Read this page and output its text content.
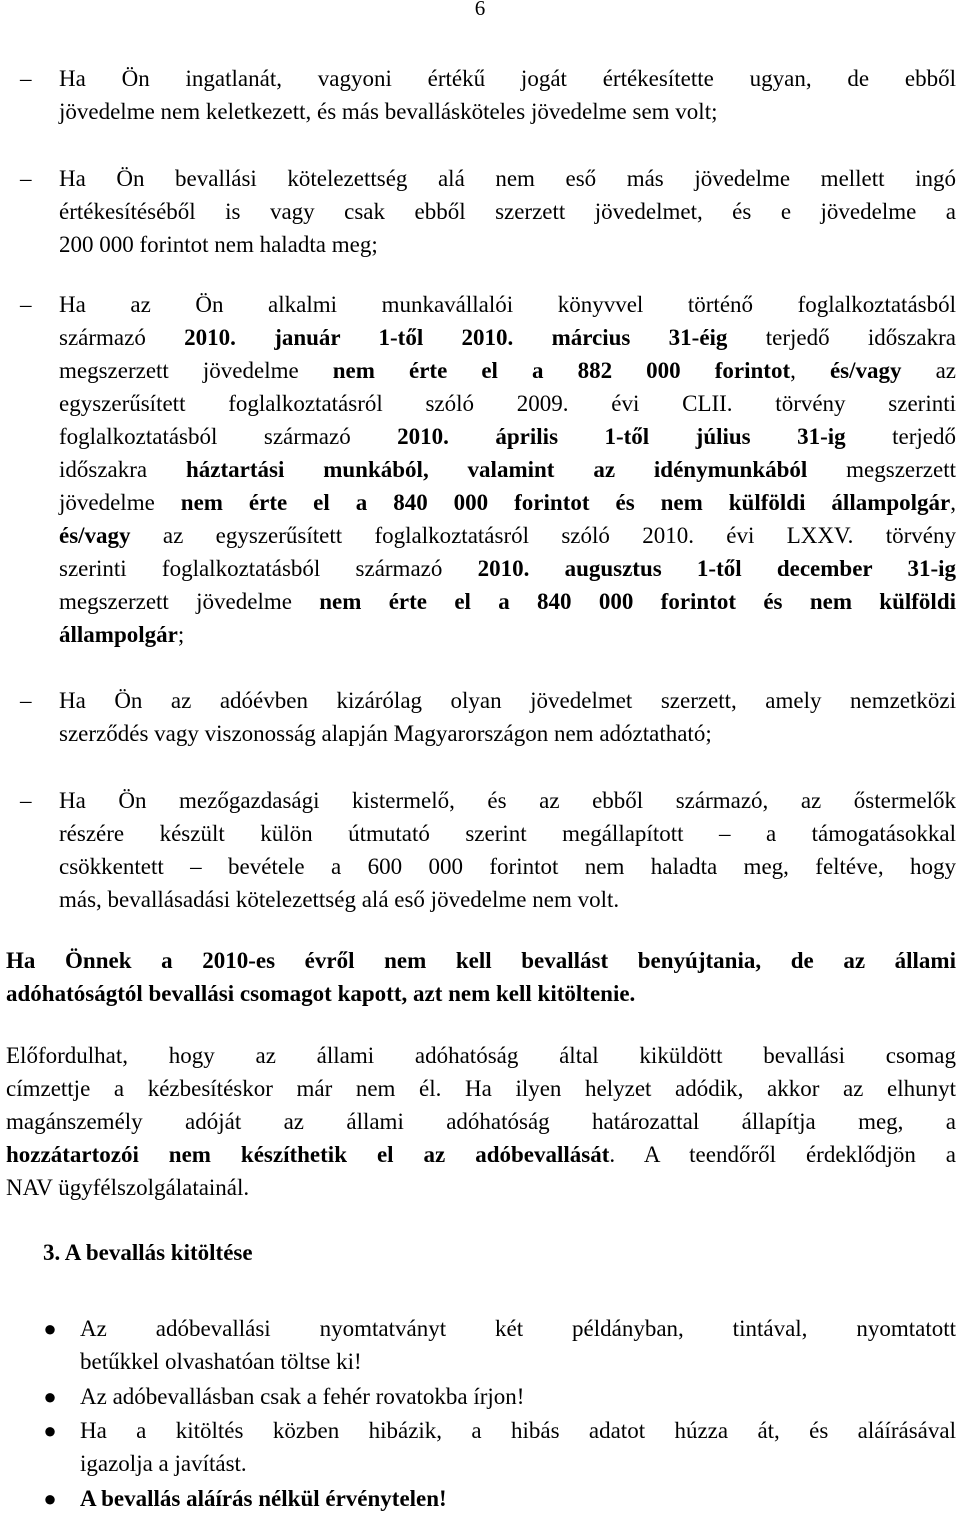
6
–	Ha Ön ingatlanát, vagyoni értékű jogát értékesítette ugyan, de ebből
jövedelme nem keletkezett, és más bevallásköteles jövedelme sem volt;
–	Ha Ön bevallási kötelezettség alá nem eső más jövedelme mellett ingó
értékesítéséből is vagy csak ebből szerzett jövedelmet, és e jövedelme a
200 000 forintot nem haladta meg;
–	Ha az Ön alkalmi munkavállalói könyvvel történő foglalkoztatásból
származó 2010. január 1-től 2010. március 31-éig terjedő időszakra
megszerzett jövedelme nem érte el a 882 000 forintot, és/vagy az
egyszerűsített foglalkoztatásról szóló 2009. évi CLII. törvény szerinti
foglalkoztatásból származó 2010. április 1-től július 31-ig terjedő
időszakra háztartási munkából, valamint az idénymunkából megszerzett
jövedelme nem érte el a 840 000 forintot és nem külföldi állampolgár,
és/vagy az egyszerűsített foglalkoztatásról szóló 2010. évi LXXV. törvény
szerinti foglalkoztatásból származó 2010. augusztus 1-től december 31-ig
megszerzett jövedelme nem érte el a 840 000 forintot és nem külföldi
állampolgár;
–	Ha Ön az adóévben kizárólag olyan jövedelmet szerzett, amely nemzetközi
szerződés vagy viszonosság alapján Magyarországon nem adóztatható;
–	Ha Ön mezőgazdasági kistermelő, és az ebből származó, az őstermelők
részére készült külön útmutató szerint megállapított – a támogatásokkal
csökkentett – bevétele a 600 000 forintot nem haladta meg, feltéve, hogy
más, bevallásadási kötelezettség alá eső jövedelme nem volt.
Ha Önnek a 2010-es évről nem kell bevallást benyújtania, de az állami
adóhatóságtól bevallási csomagot kapott, azt nem kell kitöltenie.
Előfordulhat, hogy az állami adóhatóság által kiküldött bevallási csomag
címzettje a kézbesítéskor már nem él. Ha ilyen helyzet adódik, akkor az elhunyt
magánszemély adóját az állami adóhatóság határozattal állapítja meg, a
hozzátartozói nem készíthetik el az adóbevallását. A teendőről érdeklődjön a
NAV ügyfélszolgálatainál.
3. A bevallás kitöltése
● Az adóbevallási nyomtatványt két példányban, tintával, nyomtatott
betűkkel olvashatóan töltse ki!
● Az adóbevallásban csak a fehér rovatokba írjon!
● Ha a kitöltés közben hibázik, a hibás adatot húzza át, és aláírásával
igazolja a javítást.
● A bevallás aláírás nélkül érvénytelen!
